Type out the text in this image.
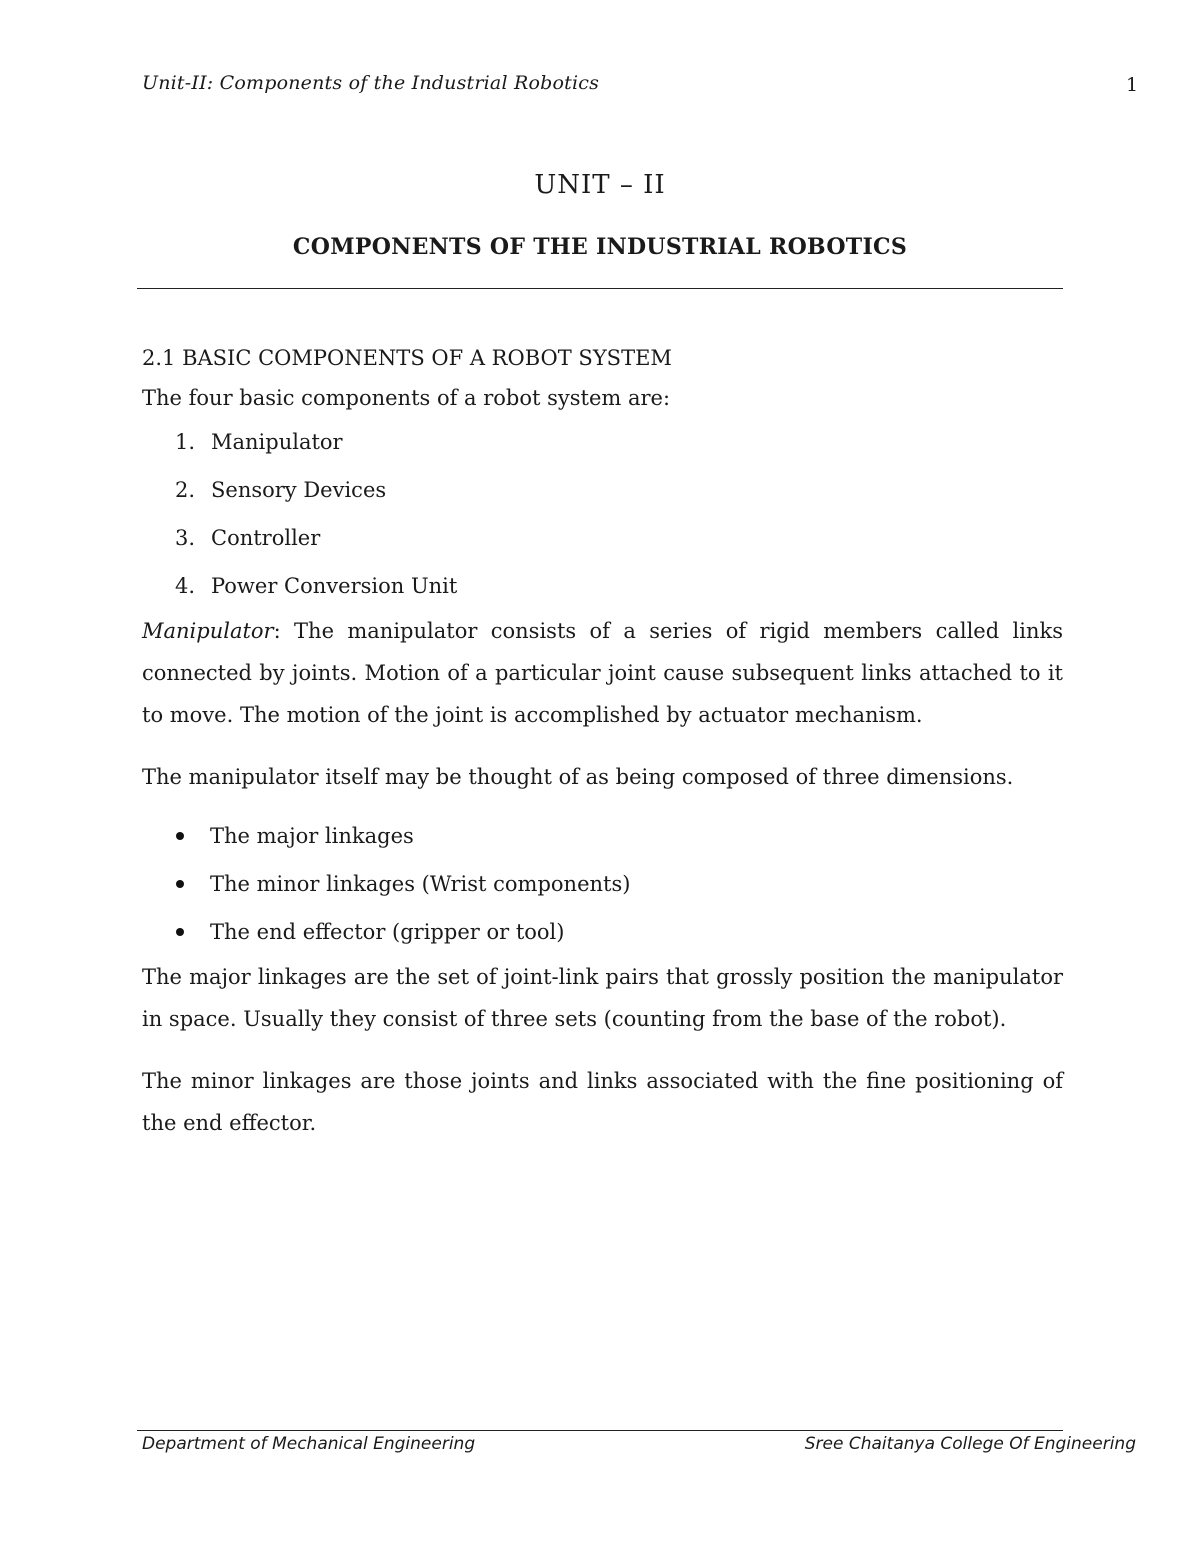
Unit-II: Components of the Industrial Robotics	1
UNIT – II
COMPONENTS OF THE INDUSTRIAL ROBOTICS
2.1 BASIC COMPONENTS OF A ROBOT SYSTEM

The four basic components of a robot system are:

1. Manipulator
2. Sensory Devices
3. Controller
4. Power Conversion Unit

Manipulator: The manipulator consists of a series of rigid members called links connected by joints. Motion of a particular joint cause subsequent links attached to it to move. The motion of the joint is accomplished by actuator mechanism.

The manipulator itself may be thought of as being composed of three dimensions.

The major linkages
The minor linkages (Wrist components)
The end effector (gripper or tool)

The major linkages are the set of joint-link pairs that grossly position the manipulator in space. Usually they consist of three sets (counting from the base of the robot).

The minor linkages are those joints and links associated with the fine positioning of the end effector.

Department of Mechanical Engineering	Sree Chaitanya College Of Engineering
